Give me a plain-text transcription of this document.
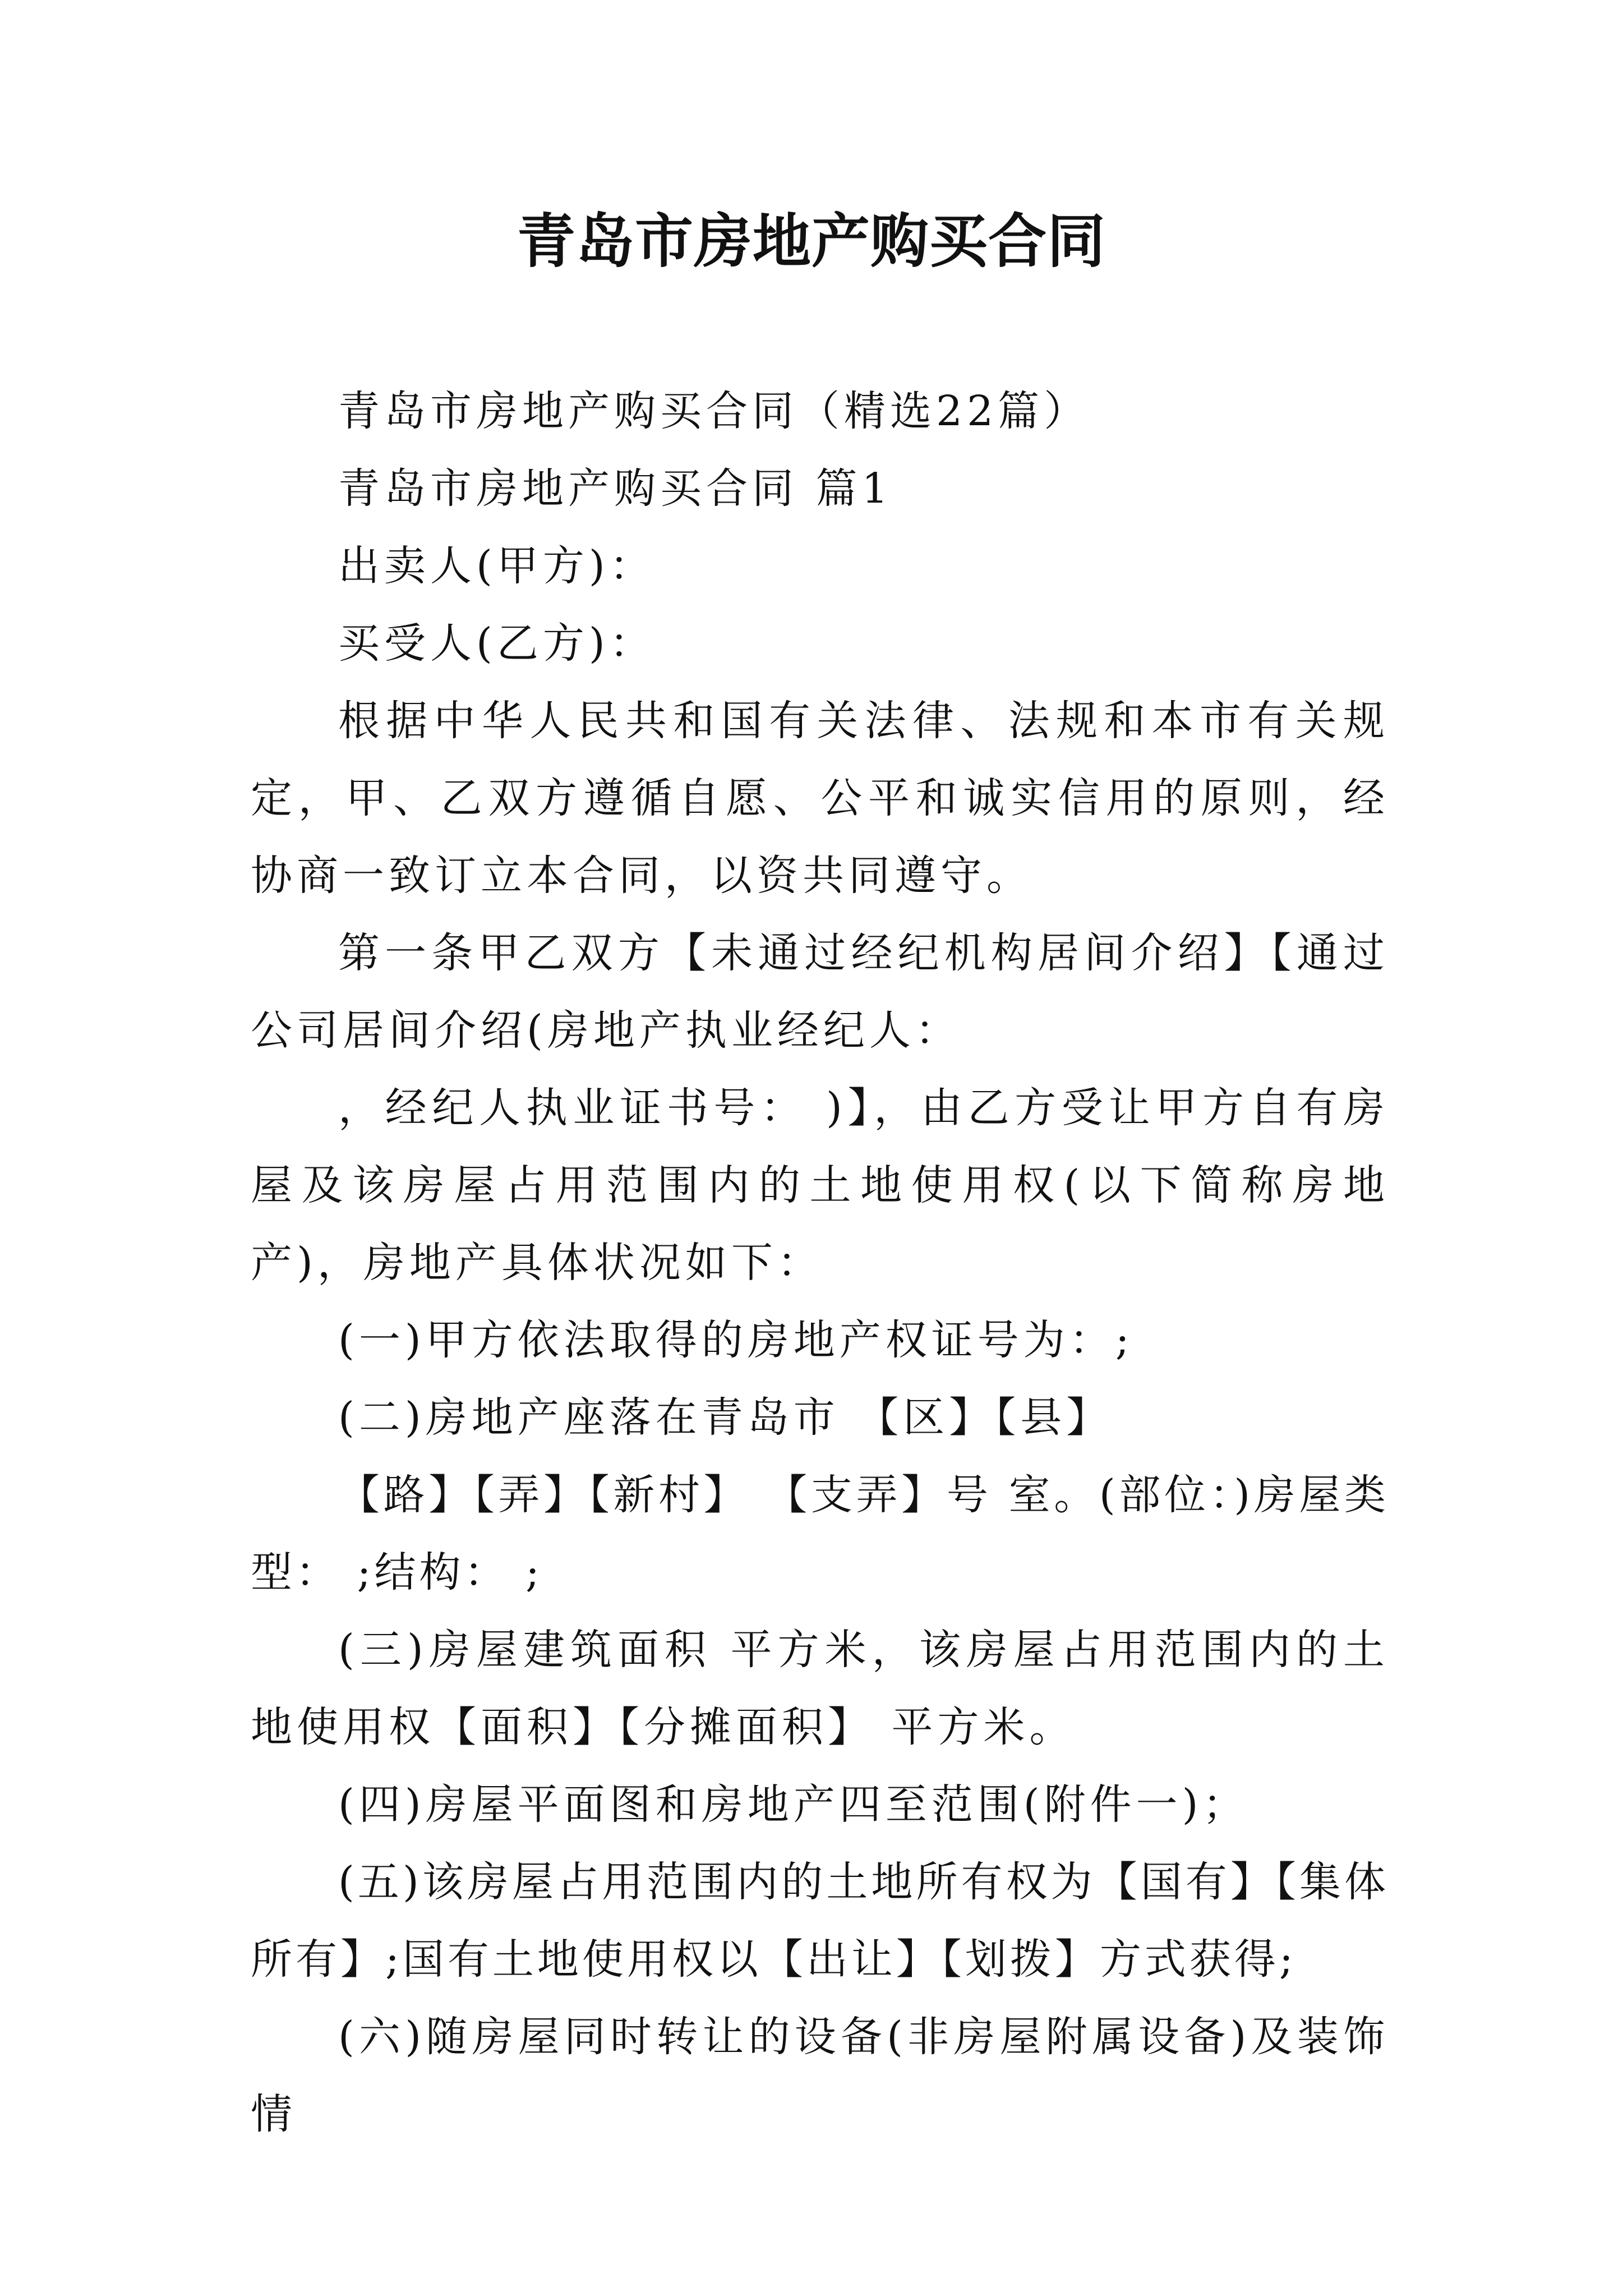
青岛市房地产购买合同

青岛市房地产购买合同（精选22篇）

青岛市房地产购买合同 篇1

出卖人(甲方)：

买受人(乙方)：

根据中华人民共和国有关法律、法规和本市有关规定，甲、乙双方遵循自愿、公平和诚实信用的原则，经协商一致订立本合同，以资共同遵守。

第一条甲乙双方【未通过经纪机构居间介绍】【通过公司居间介绍(房地产执业经纪人：

，经纪人执业证书号： )】，由乙方受让甲方自有房屋及该房屋占用范围内的土地使用权(以下简称房地产)，房地产具体状况如下：

(一)甲方依法取得的房地产权证号为：;

(二)房地产座落在青岛市 【区】【县】

【路】【弄】【新村】 【支弄】号 室。(部位：)房屋类型： ;结构： ;

(三)房屋建筑面积 平方米，该房屋占用范围内的土地使用权【面积】【分摊面积】 平方米。

(四)房屋平面图和房地产四至范围(附件一)；

(五)该房屋占用范围内的土地所有权为【国有】【集体所有】;国有土地使用权以【出让】【划拨】方式获得;

(六)随房屋同时转让的设备(非房屋附属设备)及装饰情
